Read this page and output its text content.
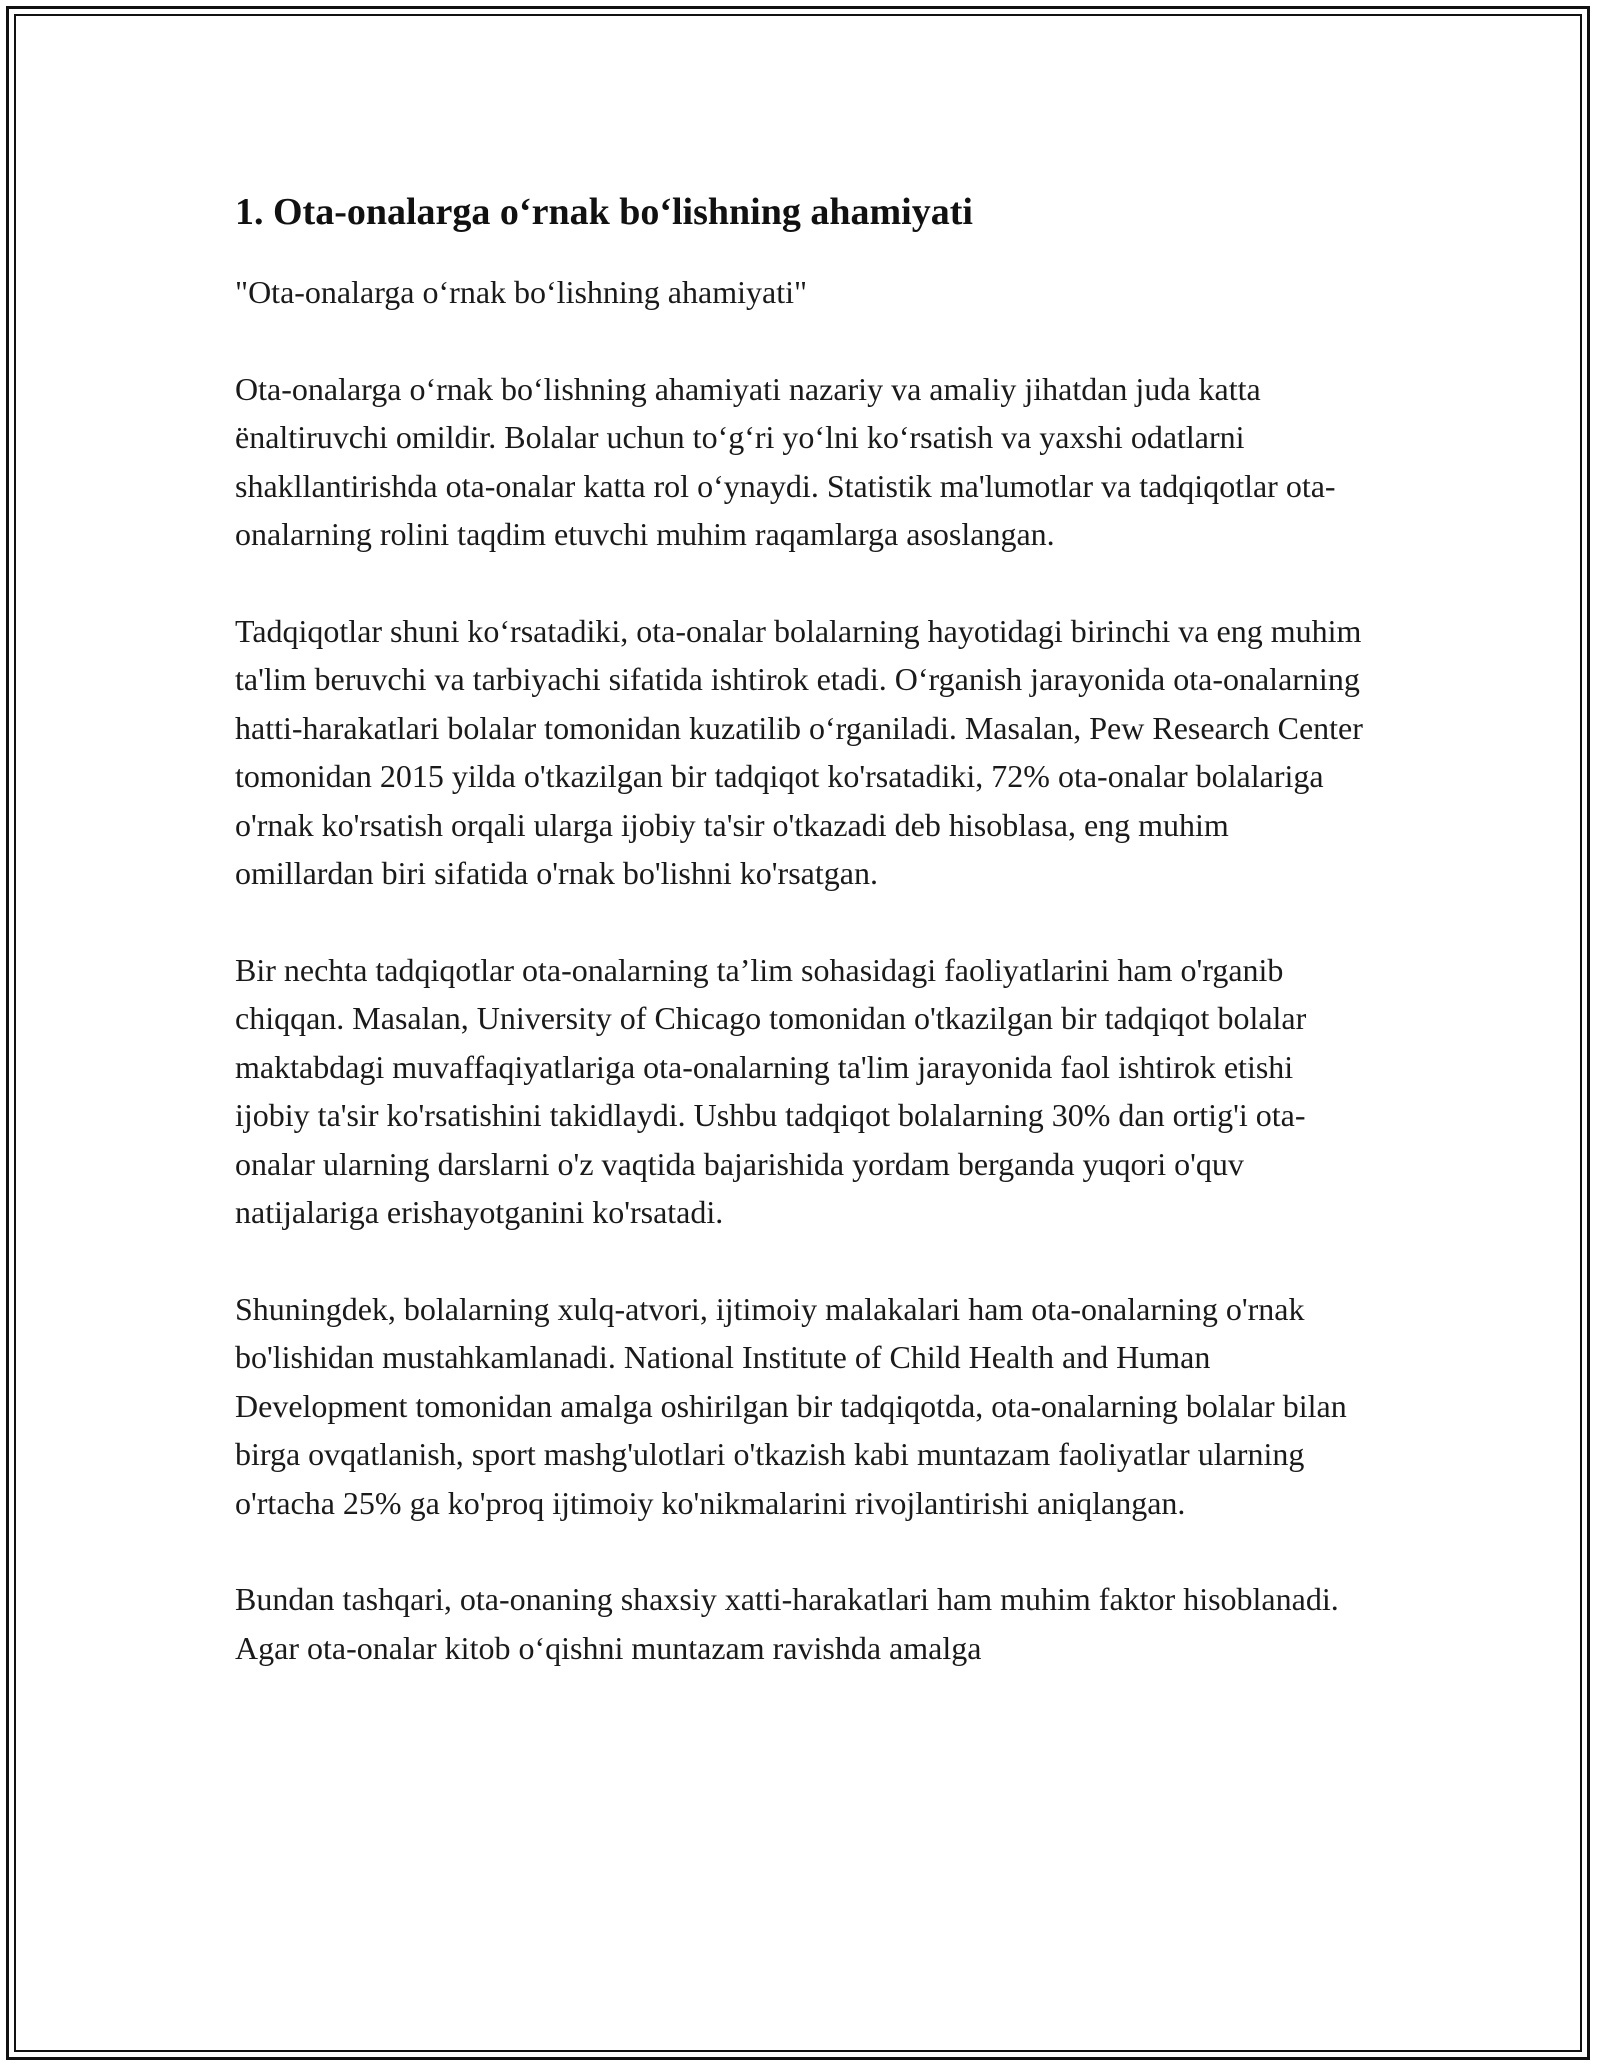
1. Ota-onalarga o‘rnak bo‘lishning ahamiyati

"Ota-onalarga o‘rnak bo‘lishning ahamiyati"

Ota-onalarga o‘rnak bo‘lishning ahamiyati nazariy va amaliy jihatdan juda katta ënaltiruvchi omildir. Bolalar uchun to‘g‘ri yo‘lni ko‘rsatish va yaxshi odatlarni shakllantirishda ota-onalar katta rol o‘ynaydi. Statistik ma'lumotlar va tadqiqotlar ota-onalarning rolini taqdim etuvchi muhim raqamlarga asoslangan.

Tadqiqotlar shuni ko‘rsatadiki, ota-onalar bolalarning hayotidagi birinchi va eng muhim ta'lim beruvchi va tarbiyachi sifatida ishtirok etadi. O‘rganish jarayonida ota-onalarning hatti-harakatlari bolalar tomonidan kuzatilib o‘rganiladi. Masalan, Pew Research Center tomonidan 2015 yilda o'tkazilgan bir tadqiqot ko'rsatadiki, 72% ota-onalar bolalariga o'rnak ko'rsatish orqali ularga ijobiy ta'sir o'tkazadi deb hisoblasa, eng muhim omillardan biri sifatida o'rnak bo'lishni ko'rsatgan.

Bir nechta tadqiqotlar ota-onalarning ta’lim sohasidagi faoliyatlarini ham o'rganib chiqqan. Masalan, University of Chicago tomonidan o'tkazilgan bir tadqiqot bolalar maktabdagi muvaffaqiyatlariga ota-onalarning ta'lim jarayonida faol ishtirok etishi ijobiy ta'sir ko'rsatishini takidlaydi. Ushbu tadqiqot bolalarning 30% dan ortig'i ota-onalar ularning darslarni o'z vaqtida bajarishida yordam berganda yuqori o'quv natijalariga erishayotganini ko'rsatadi.

Shuningdek, bolalarning xulq-atvori, ijtimoiy malakalari ham ota-onalarning o'rnak bo'lishidan mustahkamlanadi. National Institute of Child Health and Human Development tomonidan amalga oshirilgan bir tadqiqotda, ota-onalarning bolalar bilan birga ovqatlanish, sport mashg'ulotlari o'tkazish kabi muntazam faoliyatlar ularning o'rtacha 25% ga ko'proq ijtimoiy ko'nikmalarini rivojlantirishi aniqlangan.

Bundan tashqari, ota-onaning shaxsiy xatti-harakatlari ham muhim faktor hisoblanadi. Agar ota-onalar kitob o‘qishni muntazam ravishda amalga
